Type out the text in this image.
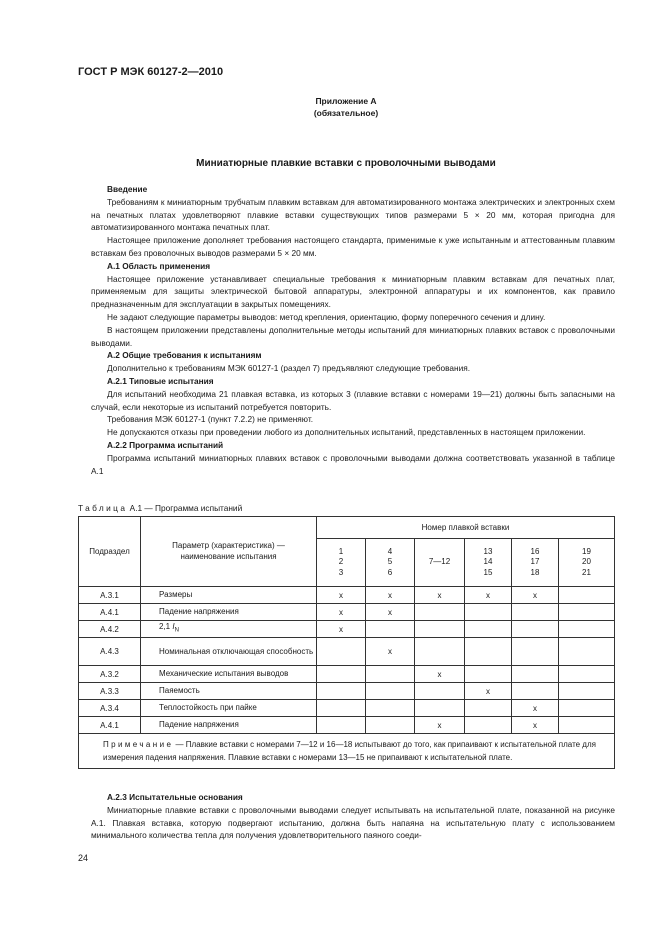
ГОСТ Р МЭК 60127-2—2010
Приложение А
(обязательное)
Миниатюрные плавкие вставки с проволочными выводами

Введение

Требованиям к миниатюрным трубчатым плавким вставкам для автоматизированного монтажа электрических и электронных схем на печатных платах удовлетворяют плавкие вставки существующих типов размерами 5 × 20 мм, которая пригодна для автоматизированного монтажа печатных плат.

Настоящее приложение дополняет требования настоящего стандарта, применимые к уже испытанным и аттестованным плавким вставкам без проволочных выводов размерами 5 × 20 мм.

А.1 Область применения

Настоящее приложение устанавливает специальные требования к миниатюрным плавким вставкам для печатных плат, применяемым для защиты электрической бытовой аппаратуры, электронной аппаратуры и их компонентов, как правило предназначенным для эксплуатации в закрытых помещениях.

Не задают следующие параметры выводов: метод крепления, ориентацию, форму поперечного сечения и длину.

В настоящем приложении представлены дополнительные методы испытаний для миниатюрных плавких вставок с проволочными выводами.

А.2 Общие требования к испытаниям

Дополнительно к требованиям МЭК 60127-1 (раздел 7) предъявляют следующие требования.

А.2.1 Типовые испытания

Для испытаний необходима 21 плавкая вставка, из которых 3 (плавкие вставки с номерами 19—21) должны быть запасными на случай, если некоторые из испытаний потребуется повторить.

Требования МЭК 60127-1 (пункт 7.2.2) не применяют.

Не допускаются отказы при проведении любого из дополнительных испытаний, представленных в настоящем приложении.

А.2.2 Программа испытаний

Программа испытаний миниатюрных плавких вставок с проволочными выводами должна соответствовать указанной в таблице А.1

Таблица А.1 — Программа испытаний
Подраздел	Параметр (характеристика) — наименование испытания	Номер плавкой вставки					
		1
2
3	4
5
6	7—12	13
14
15	16
17
18	19
20
21
А.3.1	Размеры	x	x	x	x	x	
А.4.1	Падение напряжения	x	x				
А.4.2	2,1 $I_N$	x					
А.4.3	Номинальная отключающая способность		x				
А.3.2	Механические испытания выводов			x			
А.3.3	Паяемость				x		
А.3.4	Теплостойкость при пайке					x	
А.4.1	Падение напряжения			x		x	
Примечание — Плавкие вставки с номерами 7—12 и 16—18 испытывают до того, как припаивают к испытательной плате для измерения падения напряжения. Плавкие вставки с номерами 13—15 не припаивают к испытательной плате.							

А.2.3 Испытательные основания

Миниатюрные плавкие вставки с проволочными выводами следует испытывать на испытательной плате, показанной на рисунке А.1. Плавкая вставка, которую подвергают испытанию, должна быть напаяна на испытательную плату с использованием минимального количества тепла для получения удовлетворительного паяного соеди-

24
